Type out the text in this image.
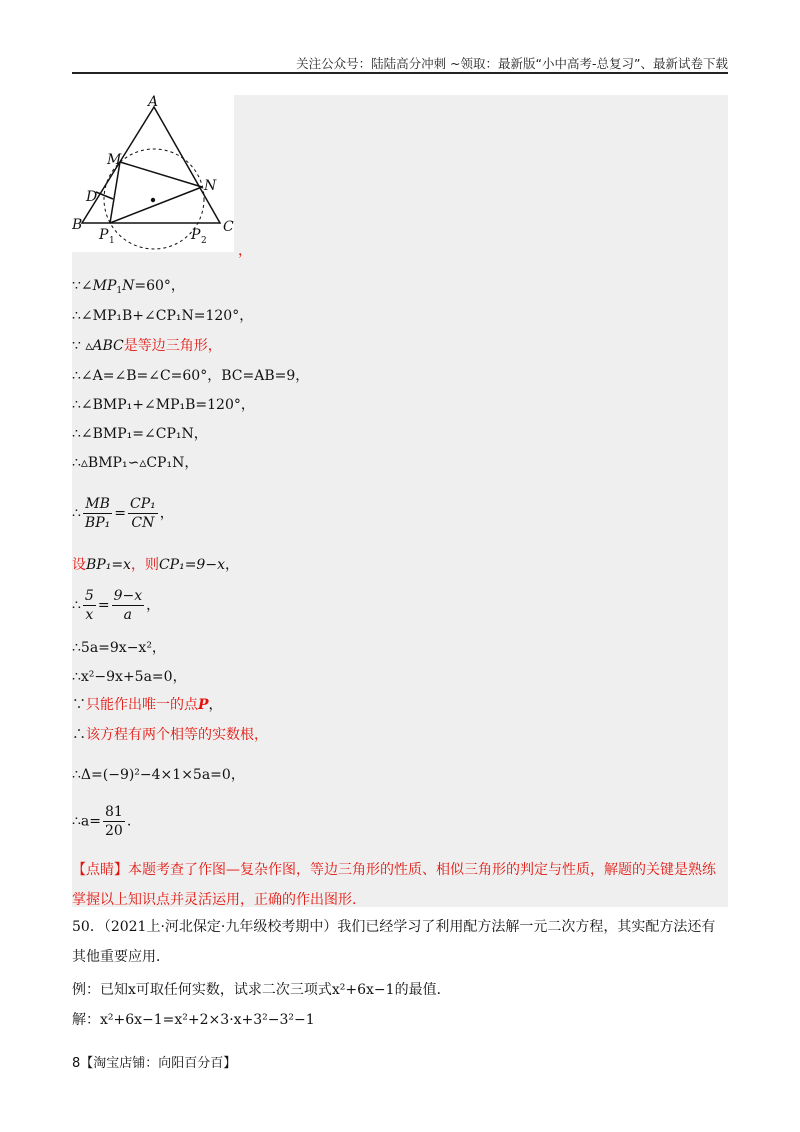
关注公众号：陆陆高分冲刺 ~领取：最新版“小中高考-总复习”、最新试卷下载
A
B	C
M
N
D
P	P
1	2
，
$\because\angle MP_1N=60^\circ$，
∴∠MP₁B+∠CP₁N=120°，
∵ ▵ABC是等边三角形，
∴∠A=∠B=∠C=60°，BC=AB=9，
∴∠BMP₁+∠MP₁B=120°，
∴∠BMP₁=∠CP₁N，
∴▵BMP₁∽▵CP₁N，
∴ $\frac{MB}{\text{BP₁}} = \frac{\text{CP₁}}{CN}$ ，
设BP₁=x，则CP₁=9−x，
∴ $\frac{5}{x} = \frac{9-x}{a}$ ，
∴5a=9x−x²，
∴x²−9x+5a=0，
∵只能作出唯一的点P，
∴该方程有两个相等的实数根，
∴Δ=(−9)²−4×1×5a=0，
∴a= $\frac{81}{20}$ .
【点睛】本题考查了作图—复杂作图，等边三角形的性质、相似三角形的判定与性质，解题的关键是熟练掌握以上知识点并灵活运用，正确的作出图形.
50．（2021上·河北保定·九年级校考期中）我们已经学习了利用配方法解一元二次方程，其实配方法还有其他重要应用．
例：已知x可取任何实数，试求二次三项式x²+6x−1的最值．
解：x²+6x−1=x²+2×3·x+3²−3²−1
8【淘宝店铺：向阳百分百】
